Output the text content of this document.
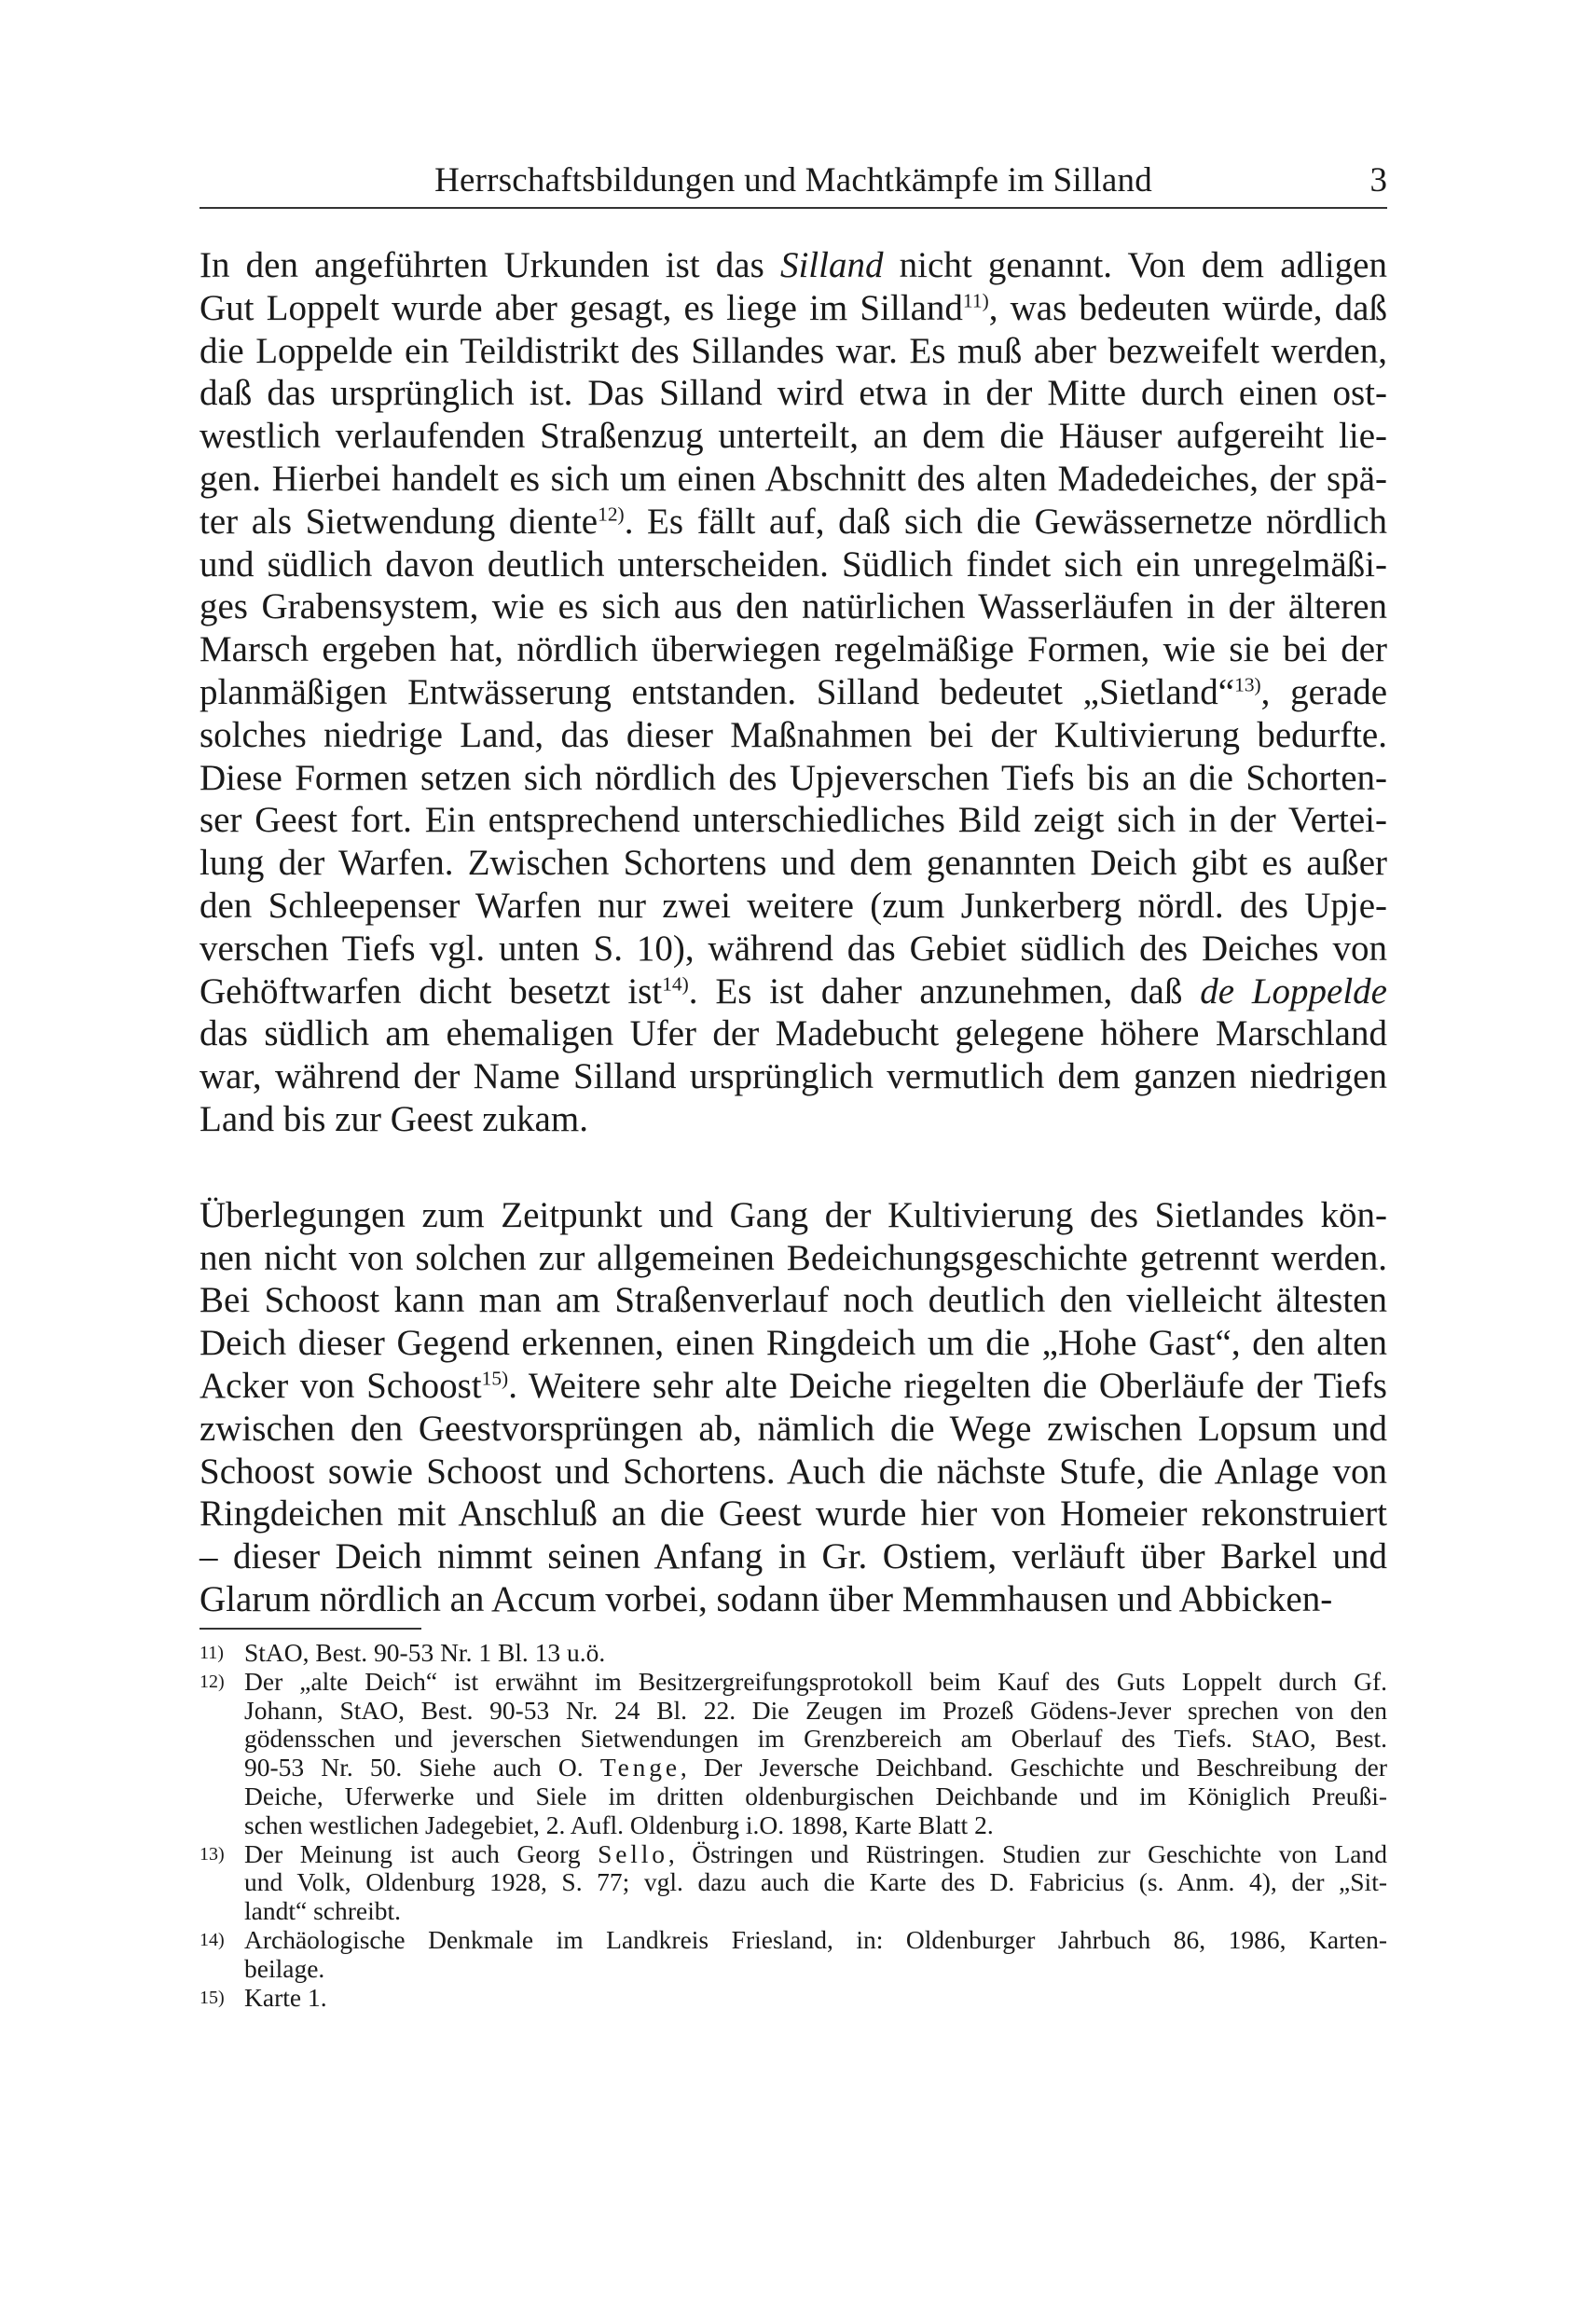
Herrschaftsbildungen und Machtkämpfe im Silland	3
In den angeführten Urkunden ist das Silland nicht genannt. Von dem adligen
Gut Loppelt wurde aber gesagt, es liege im Silland$^{11)}$, was bedeuten würde, daß
die Loppelde ein Teildistrikt des Sillandes war. Es muß aber bezweifelt werden,
daß das ursprünglich ist. Das Silland wird etwa in der Mitte durch einen ost-
westlich verlaufenden Straßenzug unterteilt, an dem die Häuser aufgereiht lie-
gen. Hierbei handelt es sich um einen Abschnitt des alten Madedeiches, der spä-
ter als Sietwendung diente$^{12)}$. Es fällt auf, daß sich die Gewässernetze nördlich
und südlich davon deutlich unterscheiden. Südlich findet sich ein unregelmäßi-
ges Grabensystem, wie es sich aus den natürlichen Wasserläufen in der älteren
Marsch ergeben hat, nördlich überwiegen regelmäßige Formen, wie sie bei der
planmäßigen Entwässerung entstanden. Silland bedeutet „Sietland“$^{13)}$, gerade
solches niedrige Land, das dieser Maßnahmen bei der Kultivierung bedurfte.
Diese Formen setzen sich nördlich des Upjeverschen Tiefs bis an die Schorten-
ser Geest fort. Ein entsprechend unterschiedliches Bild zeigt sich in der Vertei-
lung der Warfen. Zwischen Schortens und dem genannten Deich gibt es außer
den Schleepenser Warfen nur zwei weitere (zum Junkerberg nördl. des Upje-
verschen Tiefs vgl. unten S. 10), während das Gebiet südlich des Deiches von
Gehöftwarfen dicht besetzt ist$^{14)}$. Es ist daher anzunehmen, daß de Loppelde
das südlich am ehemaligen Ufer der Madebucht gelegene höhere Marschland
war, während der Name Silland ursprünglich vermutlich dem ganzen niedrigen
Land bis zur Geest zukam.
Überlegungen zum Zeitpunkt und Gang der Kultivierung des Sietlandes kön-
nen nicht von solchen zur allgemeinen Bedeichungsgeschichte getrennt werden.
Bei Schoost kann man am Straßenverlauf noch deutlich den vielleicht ältesten
Deich dieser Gegend erkennen, einen Ringdeich um die „Hohe Gast“, den alten
Acker von Schoost$^{15)}$. Weitere sehr alte Deiche riegelten die Oberläufe der Tiefs
zwischen den Geestvorsprüngen ab, nämlich die Wege zwischen Lopsum und
Schoost sowie Schoost und Schortens. Auch die nächste Stufe, die Anlage von
Ringdeichen mit Anschluß an die Geest wurde hier von Homeier rekonstruiert
– dieser Deich nimmt seinen Anfang in Gr. Ostiem, verläuft über Barkel und
Glarum nördlich an Accum vorbei, sodann über Memmhausen und Abbicken-
11) StAO, Best. 90-53 Nr. 1 Bl. 13 u.ö.
12) Der „alte Deich“ ist erwähnt im Besitzergreifungsprotokoll beim Kauf des Guts Loppelt durch Gf.
Johann, StAO, Best. 90-53 Nr. 24 Bl. 22. Die Zeugen im Prozeß Gödens-Jever sprechen von den
gödensschen und jeverschen Sietwendungen im Grenzbereich am Oberlauf des Tiefs. StAO, Best.
90-53 Nr. 50. Siehe auch O. Tenge, Der Jeversche Deichband. Geschichte und Beschreibung der
Deiche, Uferwerke und Siele im dritten oldenburgischen Deichbande und im Königlich Preußi-
schen westlichen Jadegebiet, 2. Aufl. Oldenburg i.O. 1898, Karte Blatt 2.
13) Der Meinung ist auch Georg Sello, Östringen und Rüstringen. Studien zur Geschichte von Land
und Volk, Oldenburg 1928, S. 77; vgl. dazu auch die Karte des D. Fabricius (s. Anm. 4), der „Sit-
landt“ schreibt.
14) Archäologische Denkmale im Landkreis Friesland, in: Oldenburger Jahrbuch 86, 1986, Karten-
beilage.
15) Karte 1.
